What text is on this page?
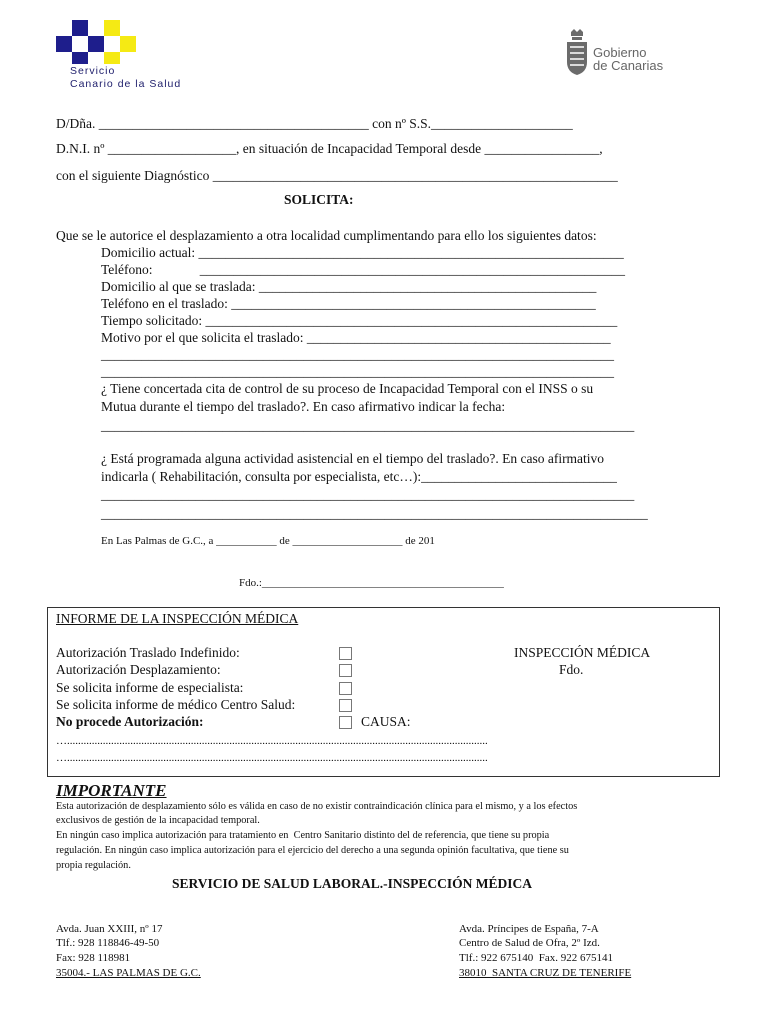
Servicio
Canario de la Salud
Gobierno
de Canarias
D/Dña. ________________________________________ con nº S.S._____________________
D.N.I. nº ___________________, en situación de Incapacidad Temporal desde _________________,
con el siguiente Diagnóstico ____________________________________________________________
SOLICITA:
Que se le autorice el desplazamiento a otra localidad cumplimentando para ello los siguientes datos:
Domicilio actual: _______________________________________________________________
Teléfono:              _______________________________________________________________
Domicilio al que se traslada: __________________________________________________
Teléfono en el traslado: ______________________________________________________
Tiempo solicitado: _____________________________________________________________
Motivo por el que solicita el traslado: _____________________________________________
____________________________________________________________________________
____________________________________________________________________________
¿ Tiene concertada cita de control de su proceso de Incapacidad Temporal con el INSS o su
Mutua durante el tiempo del traslado?. En caso afirmativo indicar la fecha:
_______________________________________________________________________________
¿ Está programada alguna actividad asistencial en el tiempo del traslado?. En caso afirmativo
indicarla ( Rehabilitación, consulta por especialista, etc…):_____________________________
_______________________________________________________________________________
_________________________________________________________________________________
En Las Palmas de G.C., a ___________ de ____________________ de 201
Fdo.:____________________________________________
INFORME DE LA INSPECCIÓN MÉDICA
Autorización Traslado Indefinido:
Autorización Desplazamiento:
Se solicita informe de especialista:
Se solicita informe de médico Centro Salud:
No procede Autorización:	CAUSA:
INSPECCIÓN MÉDICA
Fdo.
….........................................................................................................................................................
….........................................................................................................................................................
IMPORTANTE
Esta autorización de desplazamiento sólo es válida en caso de no existir contraindicación clínica para el mismo, y a los efectos
exclusivos de gestión de la incapacidad temporal.
En ningún caso implica autorización para tratamiento en  Centro Sanitario distinto del de referencia, que tiene su propia
regulación. En ningún caso implica autorización para el ejercicio del derecho a una segunda opinión facultativa, que tiene su
propia regulación.
SERVICIO DE SALUD LABORAL.-INSPECCIÓN MÉDICA
Avda. Juan XXIII, nº 17
Tlf.: 928 118846-49-50
Fax: 928 118981
35004.- LAS PALMAS DE G.C.
Avda. Príncipes de España, 7-A
Centro de Salud de Ofra, 2º Izd.
Tlf.: 922 675140  Fax. 922 675141
38010  SANTA CRUZ DE TENERIFE
